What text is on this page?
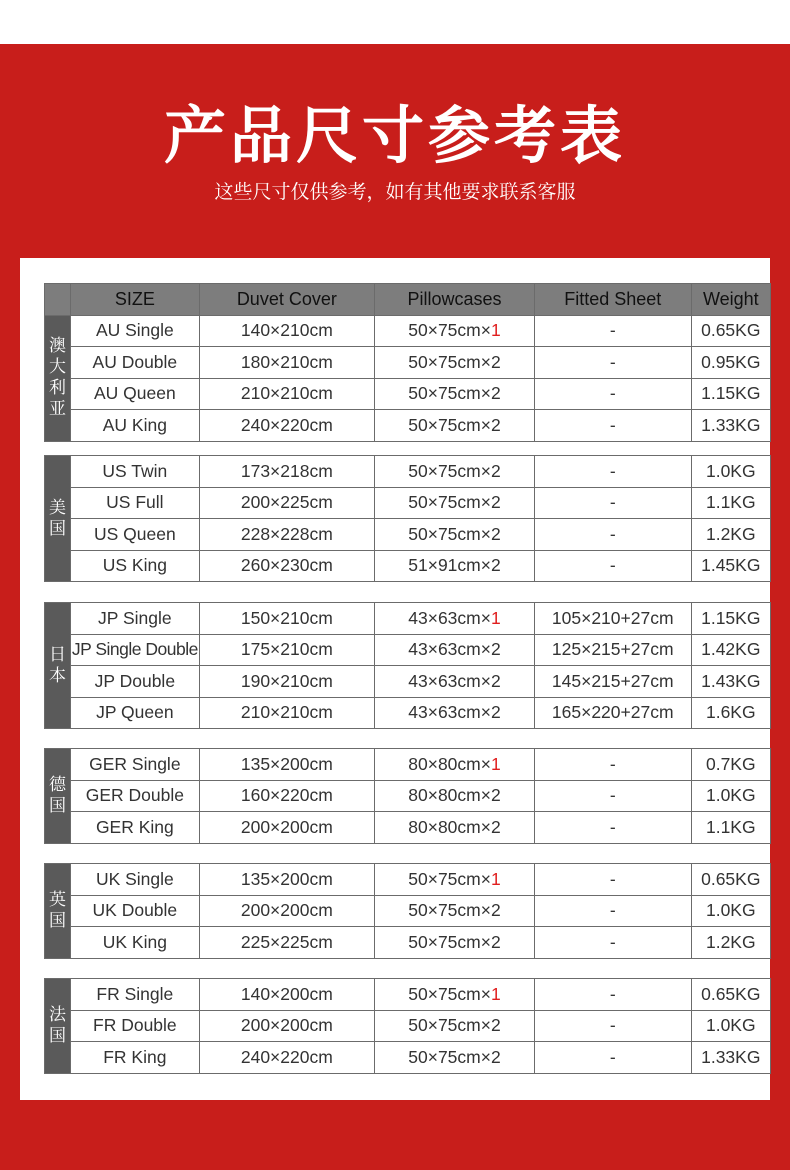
产品尺寸参考表
这些尺寸仅供参考，如有其他要求联系客服
	SIZE	Duvet Cover	Pillowcases	Fitted Sheet	Weight

澳大利亚	AU Single	140×210cm	50×75cm×1	-	0.65KG
	AU Double	180×210cm	50×75cm×2	-	0.95KG
	AU Queen	210×210cm	50×75cm×2	-	1.15KG
	AU King	240×220cm	50×75cm×2	-	1.33KG
美国	US Twin	173×218cm	50×75cm×2	-	1.0KG
	US Full	200×225cm	50×75cm×2	-	1.1KG
	US Queen	228×228cm	50×75cm×2	-	1.2KG
	US King	260×230cm	51×91cm×2	-	1.45KG
日本	JP Single	150×210cm	43×63cm×1	105×210+27cm	1.15KG
	JP Single Double	175×210cm	43×63cm×2	125×215+27cm	1.42KG
	JP Double	190×210cm	43×63cm×2	145×215+27cm	1.43KG
	JP Queen	210×210cm	43×63cm×2	165×220+27cm	1.6KG
德国	GER Single	135×200cm	80×80cm×1	-	0.7KG
	GER Double	160×220cm	80×80cm×2	-	1.0KG
	GER King	200×200cm	80×80cm×2	-	1.1KG
英国	UK Single	135×200cm	50×75cm×1	-	0.65KG
	UK Double	200×200cm	50×75cm×2	-	1.0KG
	UK King	225×225cm	50×75cm×2	-	1.2KG
法国	FR Single	140×200cm	50×75cm×1	-	0.65KG
	FR Double	200×200cm	50×75cm×2	-	1.0KG
	FR King	240×220cm	50×75cm×2	-	1.33KG
